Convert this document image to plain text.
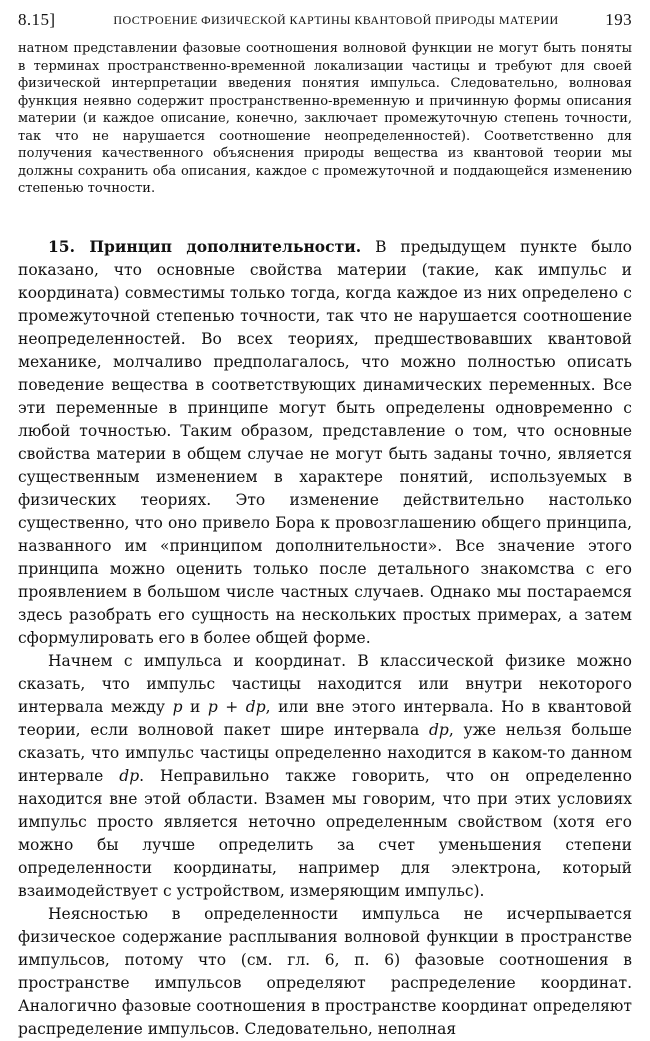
8.15]	ПОСТРОЕНИЕ ФИЗИЧЕСКОЙ КАРТИНЫ КВАНТОВОЙ ПРИРОДЫ МАТЕРИИ	193
натном представлении фазовые соотношения волновой функции не могут быть поняты в терминах пространственно-временной локализации частицы и требуют для своей физической интерпретации введения понятия импульса. Следовательно, волновая функция неявно содержит пространственно-временную и причинную формы описания материи (и каждое описание, конечно, заключает промежуточную степень точности, так что не нарушается соотношение неопределенностей). Соответственно для получения качественного объяснения природы вещества из квантовой теории мы должны сохранить оба описания, каждое с промежуточной и поддающейся изменению степенью точности.

15. Принцип дополнительности. В предыдущем пункте было показано, что основные свойства материи (такие, как импульс и координата) совместимы только тогда, когда каждое из них определено с промежуточной степенью точности, так что не нарушается соотношение неопределенностей. Во всех теориях, предшествовавших квантовой механике, молчаливо предполагалось, что можно полностью описать поведение вещества в соответствующих динамических переменных. Все эти переменные в принципе могут быть определены одновременно с любой точностью. Таким образом, представление о том, что основные свойства материи в общем случае не могут быть заданы точно, является существенным изменением в характере понятий, используемых в физических теориях. Это изменение действительно настолько существенно, что оно привело Бора к провозглашению общего принципа, названного им «принципом дополнительности». Все значение этого принципа можно оценить только после детального знакомства с его проявлением в большом числе частных случаев. Однако мы постараемся здесь разобрать его сущность на нескольких простых примерах, а затем сформулировать его в более общей форме.

Начнем с импульса и координат. В классической физике можно сказать, что импульс частицы находится или внутри некоторого интервала между p и p + dp, или вне этого интервала. Но в квантовой теории, если волновой пакет шире интервала dp, уже нельзя больше сказать, что импульс частицы определенно находится в каком-то данном интервале dp. Неправильно также говорить, что он определенно находится вне этой области. Взамен мы говорим, что при этих условиях импульс просто является неточно определенным свойством (хотя его можно бы лучше определить за счет уменьшения степени определенности координаты, например для электрона, который взаимодействует с устройством, измеряющим импульс).

Неясностью в определенности импульса не исчерпывается физическое содержание расплывания волновой функции в пространстве импульсов, потому что (см. гл. 6, п. 6) фазовые соотношения в пространстве импульсов определяют распределение координат. Аналогично фазовые соотношения в пространстве координат определяют распределение импульсов. Следовательно, неполная
